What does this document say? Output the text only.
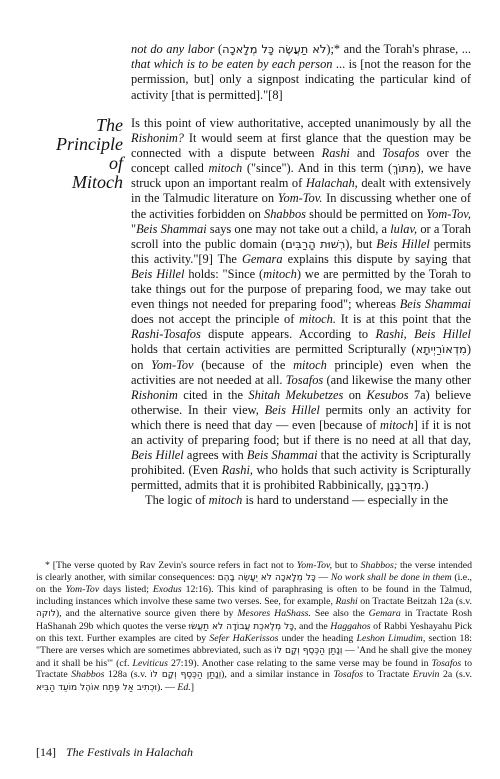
not do any labor (לֹא תַעֲשֶׂה כָּל מְלָאכָה);* and the Torah's phrase, ... that which is to be eaten by each person ... is [not the reason for the permission, but] only a signpost indicating the particular kind of activity [that is permitted]."[8]
The
Principle
of
Mitoch

Is this point of view authoritative, accepted unanimously by all the Rishonim? It would seem at first glance that the question may be connected with a dispute between Rashi and Tosafos over the concept called mitoch ("since"). And in this term (מִתּוֹךְ), we have struck upon an important realm of Halachah, dealt with extensively in the Talmudic literature on Yom-Tov. In discussing whether one of the activities forbidden on Shabbos should be permitted on Yom-Tov, "Beis Shammai says one may not take out a child, a lulav, or a Torah scroll into the public domain (רְשׁוּת הָרַבִּים), but Beis Hillel permits this activity."[9] The Gemara explains this dispute by saying that Beis Hillel holds: "Since (mitoch) we are permitted by the Torah to take things out for the purpose of preparing food, we may take out even things not needed for preparing food"; whereas Beis Shammai does not accept the principle of mitoch. It is at this point that the Rashi-Tosafos dispute appears. According to Rashi, Beis Hillel holds that certain activities are permitted Scripturally (מִדְאוֹרַיְיתָא) on Yom-Tov (because of the mitoch principle) even when the activities are not needed at all. Tosafos (and likewise the many other Rishonim cited in the Shitah Mekubetzes on Kesubos 7a) believe otherwise. In their view, Beis Hillel permits only an activity for which there is need that day — even [because of mitoch] if it is not an activity of preparing food; but if there is no need at all that day, Beis Hillel agrees with Beis Shammai that the activity is Scripturally prohibited. (Even Rashi, who holds that such activity is Scripturally permitted, admits that it is prohibited Rabbinically, מִדְּרַבָּנָן.)

The logic of mitoch is hard to understand — especially in the

* [The verse quoted by Rav Zevin's source refers in fact not to Yom-Tov, but to Shabbos; the verse intended is clearly another, with similar consequences: כָּל מְלָאכָה לֹא יֵעָשֶׂה בָהֶם — No work shall be done in them (i.e., on the Yom-Tov days listed; Exodus 12:16). This kind of paraphrasing is often to be found in the Talmud, including instances which involve these same two verses. See, for example, Rashi on Tractate Beitzah 12a (s.v. לוקה), and the alternative source given there by Mesores HaShass. See also the Gemara in Tractate Rosh HaShanah 29b which quotes the verse כָּל מְלֶאכֶת עֲבוֹדָה לֹא תַעֲשׂוּ, and the Haggahos of Rabbi Yeshayahu Pick on this text. Further examples are cited by Sefer HaKerissos under the heading Leshon Limudim, section 18: "There are verses which are sometimes abbreviated, such as וְנָתַן הַכֶּסֶף וְקָם לוֹ — 'And he shall give the money and it shall be his'" (cf. Leviticus 27:19). Another case relating to the same verse may be found in Tosafos to Tractate Shabbos 128a (s.v. וְנָתַן הַכֶּסֶף וְקָם לוֹ), and a similar instance in Tosafos to Tractate Eruvin 2a (s.v. וּכְתִיב אַל פֶּתַח אוֹהֶל מוֹעֵד הַבִּיא). — Ed.]

[14] The Festivals in Halachah
